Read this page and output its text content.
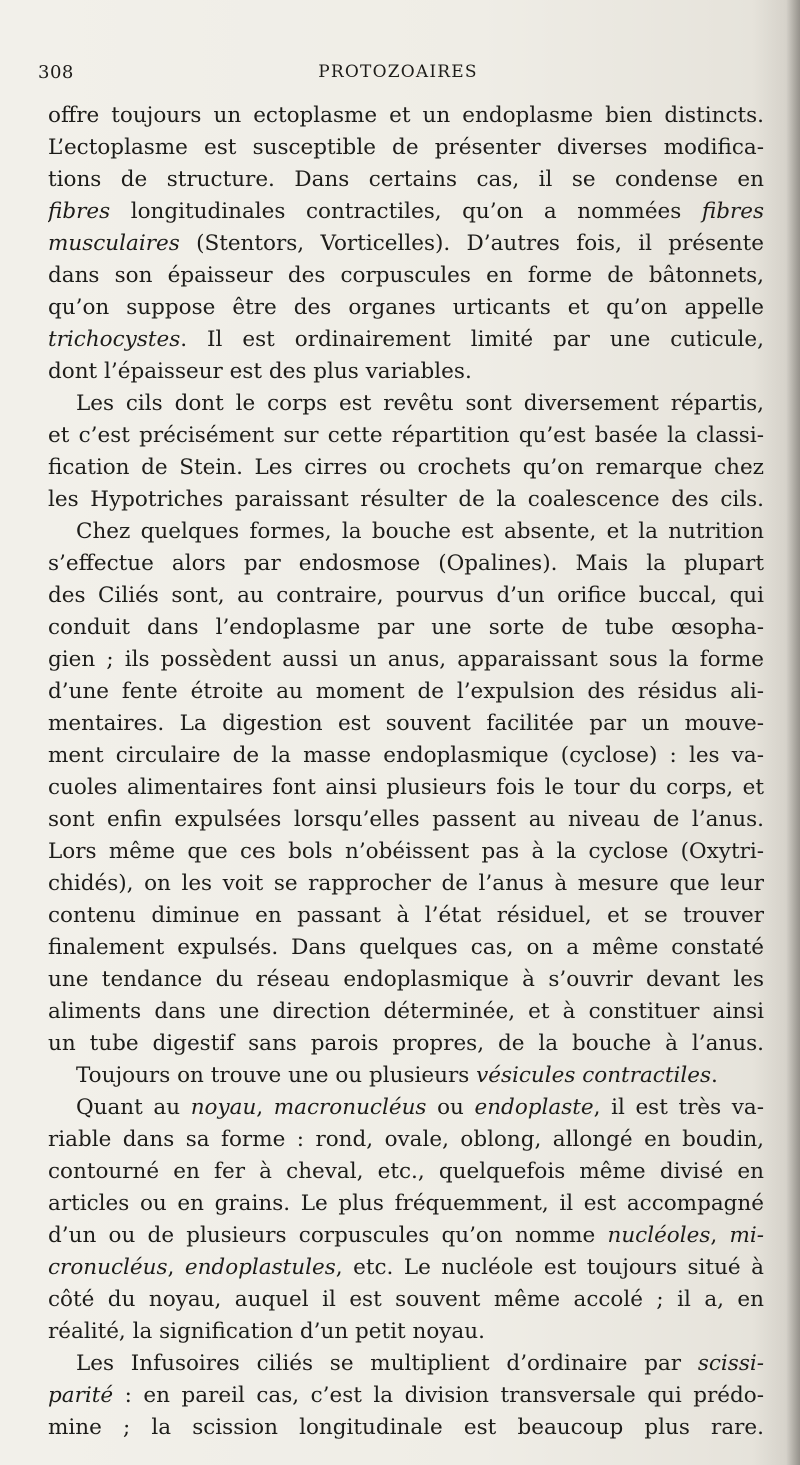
308	PROTOZOAIRES
offre toujours un ectoplasme et un endoplasme bien distincts.
L’ectoplasme est susceptible de présenter diverses modifica-
tions de structure. Dans certains cas, il se condense en
fibres longitudinales contractiles, qu’on a nommées fibres
musculaires (Stentors, Vorticelles). D’autres fois, il présente
dans son épaisseur des corpuscules en forme de bâtonnets,
qu’on suppose être des organes urticants et qu’on appelle
trichocystes. Il est ordinairement limité par une cuticule,
dont l’épaisseur est des plus variables.
Les cils dont le corps est revêtu sont diversement répartis,
et c’est précisément sur cette répartition qu’est basée la classi-
fication de Stein. Les cirres ou crochets qu’on remarque chez
les Hypotriches paraissant résulter de la coalescence des cils.
Chez quelques formes, la bouche est absente, et la nutrition
s’effectue alors par endosmose (Opalines). Mais la plupart
des Ciliés sont, au contraire, pourvus d’un orifice buccal, qui
conduit dans l’endoplasme par une sorte de tube œsopha-
gien ; ils possèdent aussi un anus, apparaissant sous la forme
d’une fente étroite au moment de l’expulsion des résidus ali-
mentaires. La digestion est souvent facilitée par un mouve-
ment circulaire de la masse endoplasmique (cyclose) : les va-
cuoles alimentaires font ainsi plusieurs fois le tour du corps, et
sont enfin expulsées lorsqu’elles passent au niveau de l’anus.
Lors même que ces bols n’obéissent pas à la cyclose (Oxytri-
chidés), on les voit se rapprocher de l’anus à mesure que leur
contenu diminue en passant à l’état résiduel, et se trouver
finalement expulsés. Dans quelques cas, on a même constaté
une tendance du réseau endoplasmique à s’ouvrir devant les
aliments dans une direction déterminée, et à constituer ainsi
un tube digestif sans parois propres, de la bouche à l’anus.
Toujours on trouve une ou plusieurs vésicules contractiles.
Quant au noyau, macronucléus ou endoplaste, il est très va-
riable dans sa forme : rond, ovale, oblong, allongé en boudin,
contourné en fer à cheval, etc., quelquefois même divisé en
articles ou en grains. Le plus fréquemment, il est accompagné
d’un ou de plusieurs corpuscules qu’on nomme nucléoles, mi-
cronucléus, endoplastules, etc. Le nucléole est toujours situé à
côté du noyau, auquel il est souvent même accolé ; il a, en
réalité, la signification d’un petit noyau.
Les Infusoires ciliés se multiplient d’ordinaire par scissi-
parité : en pareil cas, c’est la division transversale qui prédo-
mine ; la scission longitudinale est beaucoup plus rare.
